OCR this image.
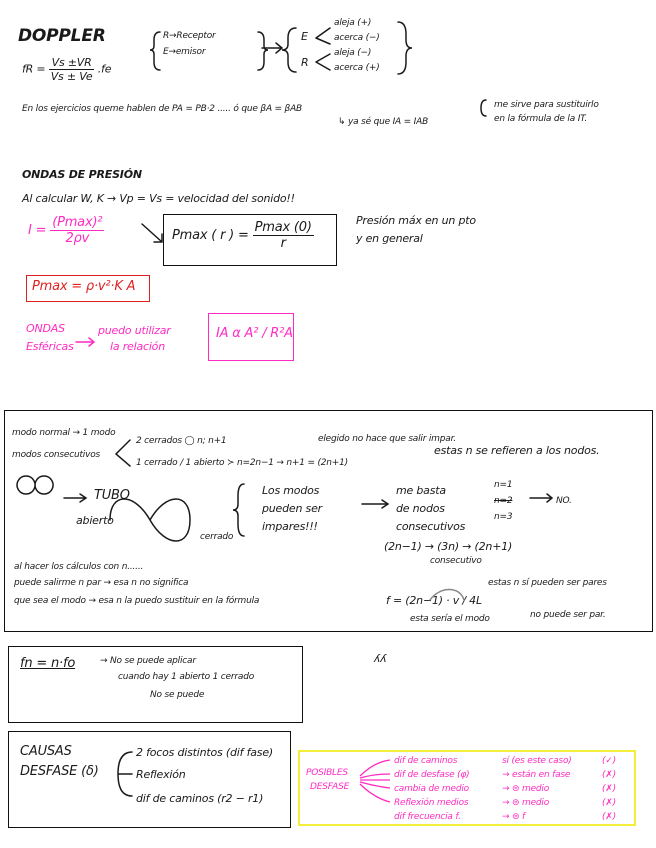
DOPPLER
fR = $\frac{Vs \pm VR}{Vs \pm Ve} .fe$
R→Receptor
E→emisor
E
R
aleja (+)
acerca (−)
aleja (−)
acerca (+)
En los ejercicios queme hablen de PA = PB·2 ..... ó que βA = βAB
↳ ya sé que IA = IAB
me sirve para sustituirlo
en la fórmula de la IT.
ONDAS DE PRESIÓN
Al calcular W, K → Vp = Vs = velocidad del sonido!!
$I = \frac{\text{(Pmax)²}}{2\rho v}$	Pmax ( r ) = $\frac{Pmax (0)}{r}$	Presión máx en un pto
y en general
Pmax = ρ·v²·K A
ONDAS
Esféricas
puedo utilizar
la relación
IA α A² / R²A
modo normal → 1 modo
modos consecutivos
2 cerrados ◯ n; n+1
1 cerrado / 1 abierto ≻ n=2n−1 → n+1 = (2n+1)
elegido no hace que salir impar.
estas n se refieren a los nodos.
TUBO
abierto
cerrado
Los modos
pueden ser
impares!!!
me basta
de nodos
consecutivos
n=1
n=2	NO.
n=3
(2n−1) → (3n) → (2n+1)
consecutivo
al hacer los cálculos con n......
puede salirme n par → esa n no significa
que sea el modo → esa n la puedo sustituir en la fórmula	f = (2n−1) · v / 4L
estas n sí pueden ser pares
esta sería el modo	no puede ser par.
fn = n·fo	→ No se puede aplicar
cuando hay 1 abierto 1 cerrado
No se puede
ʎʎ
CAUSAS
DESFASE (δ)
2 focos distintos (dif fase)
Reflexión
dif de caminos (r2 − r1)
POSIBLES
DESFASE
dif de caminos	sí (es este caso)	(✓)
dif de desfase (φ)	→ están en fase	(✗)
cambia de medio	→ ⊜ medio	(✗)
Reflexión medios	→ ⊜ medio	(✗)
dif frecuencia f.	→ ⊜ f	(✗)
